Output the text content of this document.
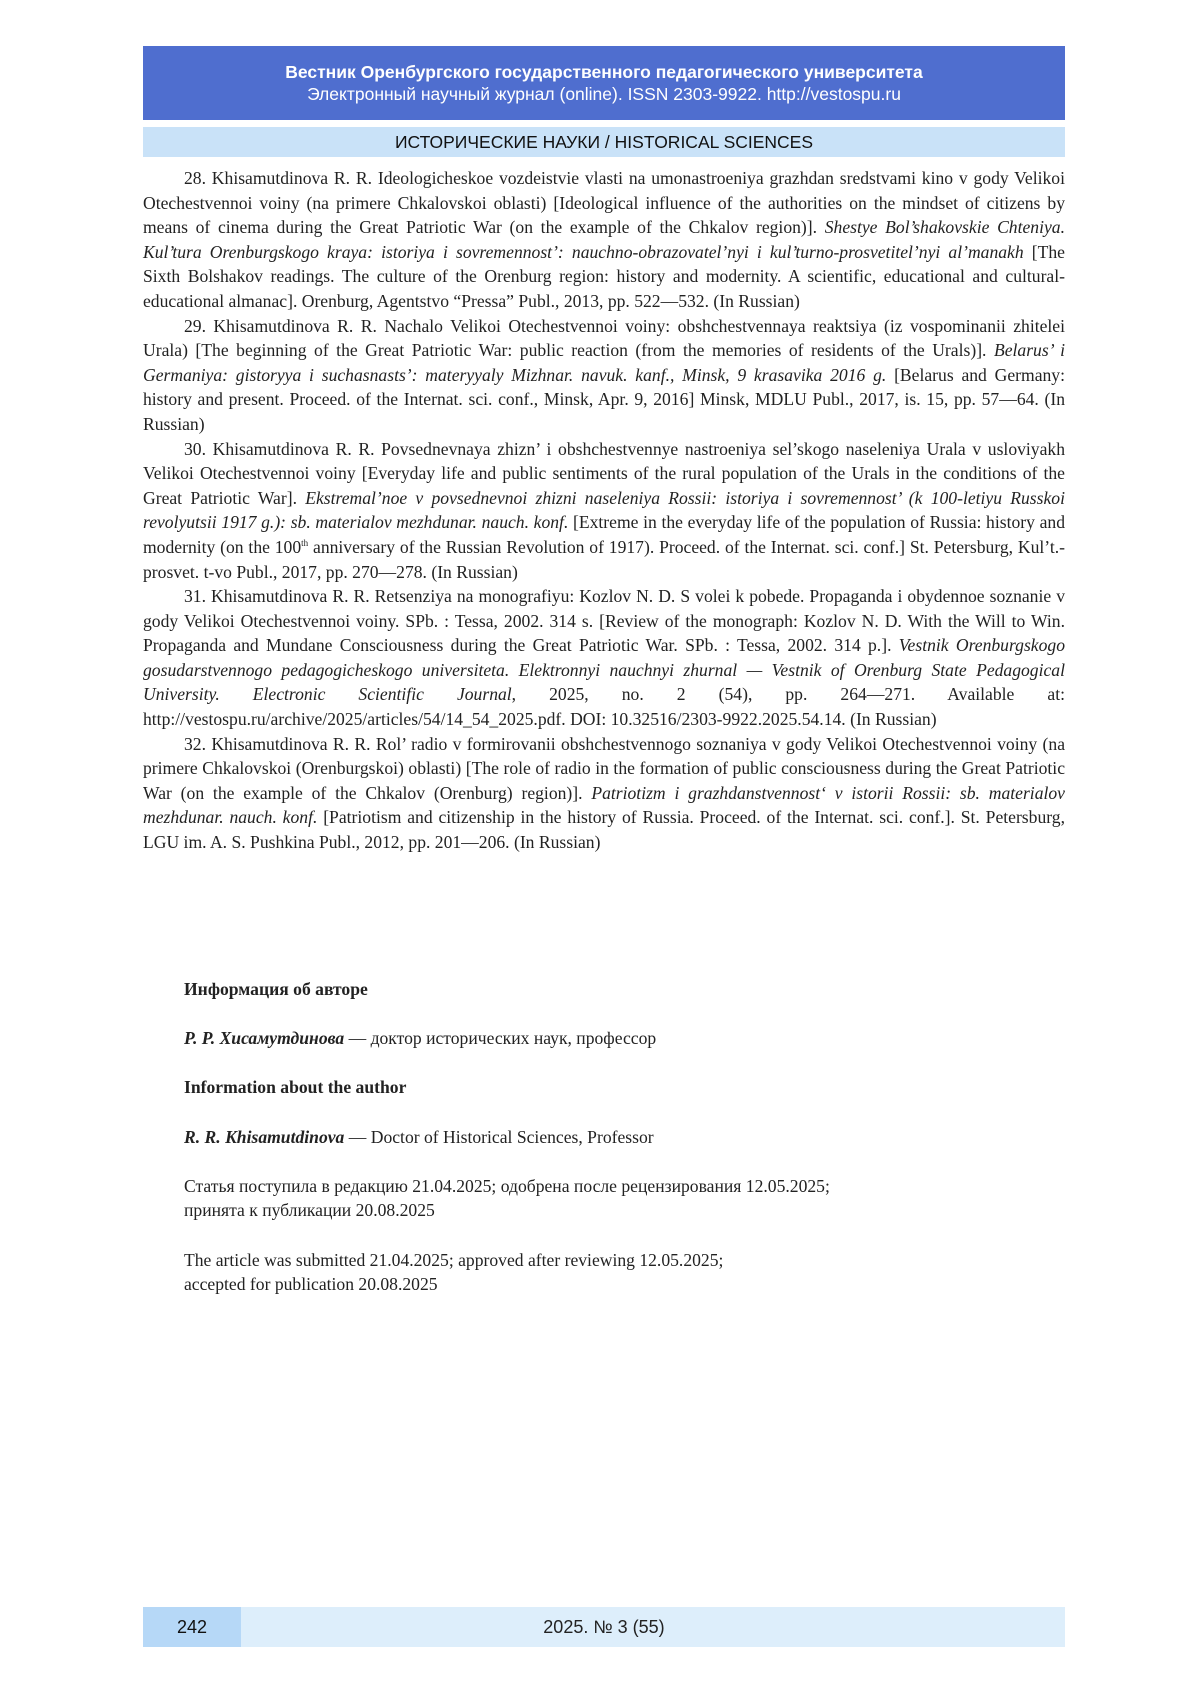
Вестник Оренбургского государственного педагогического университета
Электронный научный журнал (online). ISSN 2303-9922. http://vestospu.ru
ИСТОРИЧЕСКИЕ НАУКИ / HISTORICAL SCIENCES

28. Khisamutdinova R. R. Ideologicheskoe vozdeistvie vlasti na umonastroeniya grazhdan sredstvami kino v gody Velikoi Otechestvennoi voiny (na primere Chkalovskoi oblasti) [Ideological influence of the authorities on the mindset of citizens by means of cinema during the Great Patriotic War (on the example of the Chkalov region)]. Shestye Bol’shakovskie Chteniya. Kul’tura Orenburgskogo kraya: istoriya i sovremennost’: nauchno-obrazovatel’nyi i kul’turno-prosvetitel’nyi al’manakh [The Sixth Bolshakov readings. The culture of the Orenburg region: history and modernity. A scientific, educational and cultural-educational almanac]. Orenburg, Agentstvo “Pressa” Publ., 2013, pp. 522—532. (In Russian)

29. Khisamutdinova R. R. Nachalo Velikoi Otechestvennoi voiny: obshchestvennaya reaktsiya (iz vospominanii zhitelei Urala) [The beginning of the Great Patriotic War: public reaction (from the memories of residents of the Urals)]. Belarus’ i Germaniya: gistoryya i suchasnasts’: materyyaly Mizhnar. navuk. kanf., Minsk, 9 krasavika 2016 g. [Belarus and Germany: history and present. Proceed. of the Internat. sci. conf., Minsk, Apr. 9, 2016] Minsk, MDLU Publ., 2017, is. 15, pp. 57—64. (In Russian)

30. Khisamutdinova R. R. Povsednevnaya zhizn’ i obshchestvennye nastroeniya sel’skogo naseleniya Urala v usloviyakh Velikoi Otechestvennoi voiny [Everyday life and public sentiments of the rural population of the Urals in the conditions of the Great Patriotic War]. Ekstremal’noe v povsednevnoi zhizni naseleniya Rossii: istoriya i sovremennost’ (k 100-letiyu Russkoi revolyutsii 1917 g.): sb. materialov mezhdunar. nauch. konf. [Extreme in the everyday life of the population of Russia: history and modernity (on the 100th anniversary of the Russian Revolution of 1917). Proceed. of the Internat. sci. conf.] St. Petersburg, Kul’t.-prosvet. t-vo Publ., 2017, pp. 270—278. (In Russian)

31. Khisamutdinova R. R. Retsenziya na monografiyu: Kozlov N. D. S volei k pobede. Propaganda i obydennoe soznanie v gody Velikoi Otechestvennoi voiny. SPb. : Tessa, 2002. 314 s. [Review of the monograph: Kozlov N. D. With the Will to Win. Propaganda and Mundane Consciousness during the Great Patriotic War. SPb. : Tessa, 2002. 314 p.]. Vestnik Orenburgskogo gosudarstvennogo pedagogicheskogo universiteta. Elektronnyi nauchnyi zhurnal — Vestnik of Orenburg State Pedagogical University. Electronic Scientific Journal, 2025, no. 2 (54), pp. 264—271. Available at: http://vestospu.ru/archive/2025/articles/54/14_54_2025.pdf. DOI: 10.32516/2303-9922.2025.54.14. (In Russian)

32. Khisamutdinova R. R. Rol’ radio v formirovanii obshchestvennogo soznaniya v gody Velikoi Otechestvennoi voiny (na primere Chkalovskoi (Orenburgskoi) oblasti) [The role of radio in the formation of public consciousness during the Great Patriotic War (on the example of the Chkalov (Orenburg) region)]. Patriotizm i grazhdanstvennost‘ v istorii Rossii: sb. materialov mezhdunar. nauch. konf. [Patriotism and citizenship in the history of Russia. Proceed. of the Internat. sci. conf.]. St. Petersburg, LGU im. A. S. Pushkina Publ., 2012, pp. 201—206. (In Russian)

Информация об авторе

Р. Р. Хисамутдинова — доктор исторических наук, профессор

Information about the author

R. R. Khisamutdinova — Doctor of Historical Sciences, Professor

Статья поступила в редакцию 21.04.2025; одобрена после рецензирования 12.05.2025;
принята к публикации 20.08.2025

The article was submitted 21.04.2025; approved after reviewing 12.05.2025;
accepted for publication 20.08.2025

2025. № 3 (55)
242
